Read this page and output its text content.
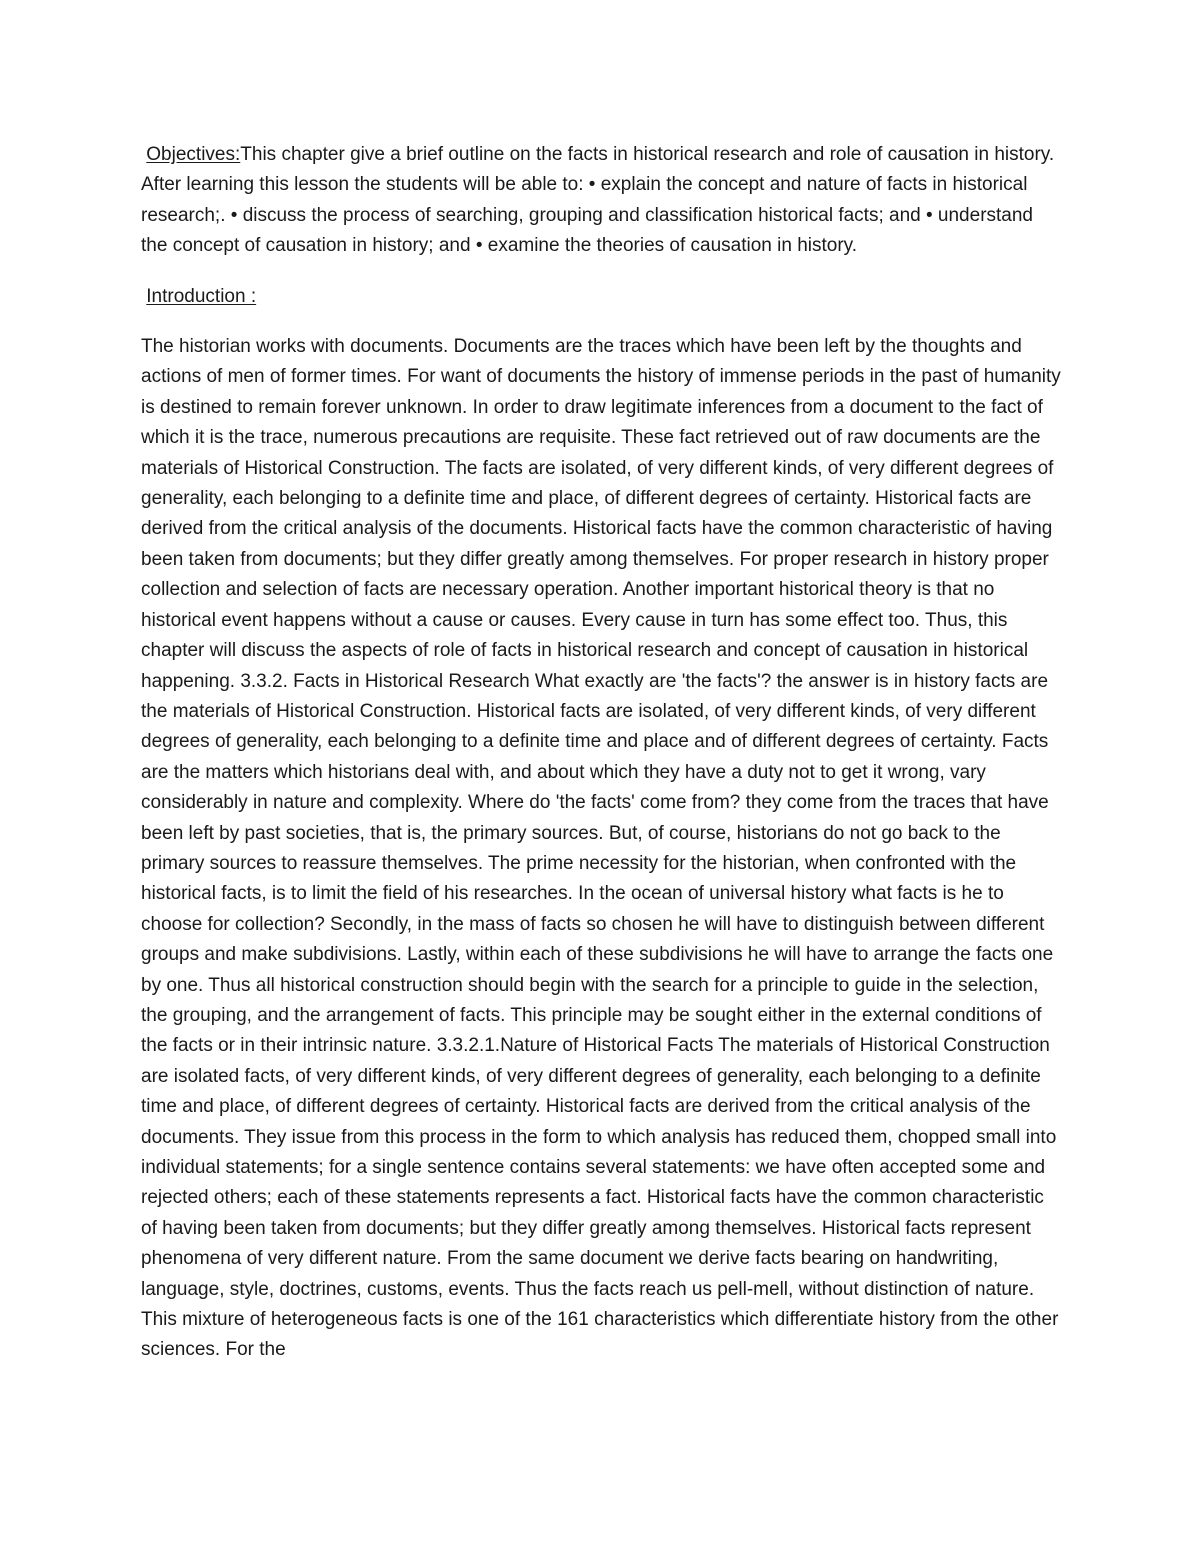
Objectives:This chapter give a brief outline on the facts in historical research and role of causation in history. After learning this lesson the students will be able to: • explain the concept and nature of facts in historical research;. • discuss the process of searching, grouping and classification historical facts; and • understand the concept of causation in history; and • examine the theories of causation in history.

Introduction :

The historian works with documents. Documents are the traces which have been left by the thoughts and actions of men of former times. For want of documents the history of immense periods in the past of humanity is destined to remain forever unknown. In order to draw legitimate inferences from a document to the fact of which it is the trace, numerous precautions are requisite. These fact retrieved out of raw documents are the materials of Historical Construction. The facts are isolated, of very different kinds, of very different degrees of generality, each belonging to a definite time and place, of different degrees of certainty. Historical facts are derived from the critical analysis of the documents. Historical facts have the common characteristic of having been taken from documents; but they differ greatly among themselves. For proper research in history proper collection and selection of facts are necessary operation. Another important historical theory is that no historical event happens without a cause or causes. Every cause in turn has some effect too. Thus, this chapter will discuss the aspects of role of facts in historical research and concept of causation in historical happening. 3.3.2. Facts in Historical Research What exactly are 'the facts'? the answer is in history facts are the materials of Historical Construction. Historical facts are isolated, of very different kinds, of very different degrees of generality, each belonging to a definite time and place and of different degrees of certainty. Facts are the matters which historians deal with, and about which they have a duty not to get it wrong, vary considerably in nature and complexity. Where do 'the facts' come from? they come from the traces that have been left by past societies, that is, the primary sources. But, of course, historians do not go back to the primary sources to reassure themselves. The prime necessity for the historian, when confronted with the historical facts, is to limit the field of his researches. In the ocean of universal history what facts is he to choose for collection? Secondly, in the mass of facts so chosen he will have to distinguish between different groups and make subdivisions. Lastly, within each of these subdivisions he will have to arrange the facts one by one. Thus all historical construction should begin with the search for a principle to guide in the selection, the grouping, and the arrangement of facts. This principle may be sought either in the external conditions of the facts or in their intrinsic nature. 3.3.2.1.Nature of Historical Facts The materials of Historical Construction are isolated facts, of very different kinds, of very different degrees of generality, each belonging to a definite time and place, of different degrees of certainty. Historical facts are derived from the critical analysis of the documents. They issue from this process in the form to which analysis has reduced them, chopped small into individual statements; for a single sentence contains several statements: we have often accepted some and rejected others; each of these statements represents a fact. Historical facts have the common characteristic of having been taken from documents; but they differ greatly among themselves. Historical facts represent phenomena of very different nature. From the same document we derive facts bearing on handwriting, language, style, doctrines, customs, events. Thus the facts reach us pell-mell, without distinction of nature. This mixture of heterogeneous facts is one of the 161 characteristics which differentiate history from the other sciences. For the
